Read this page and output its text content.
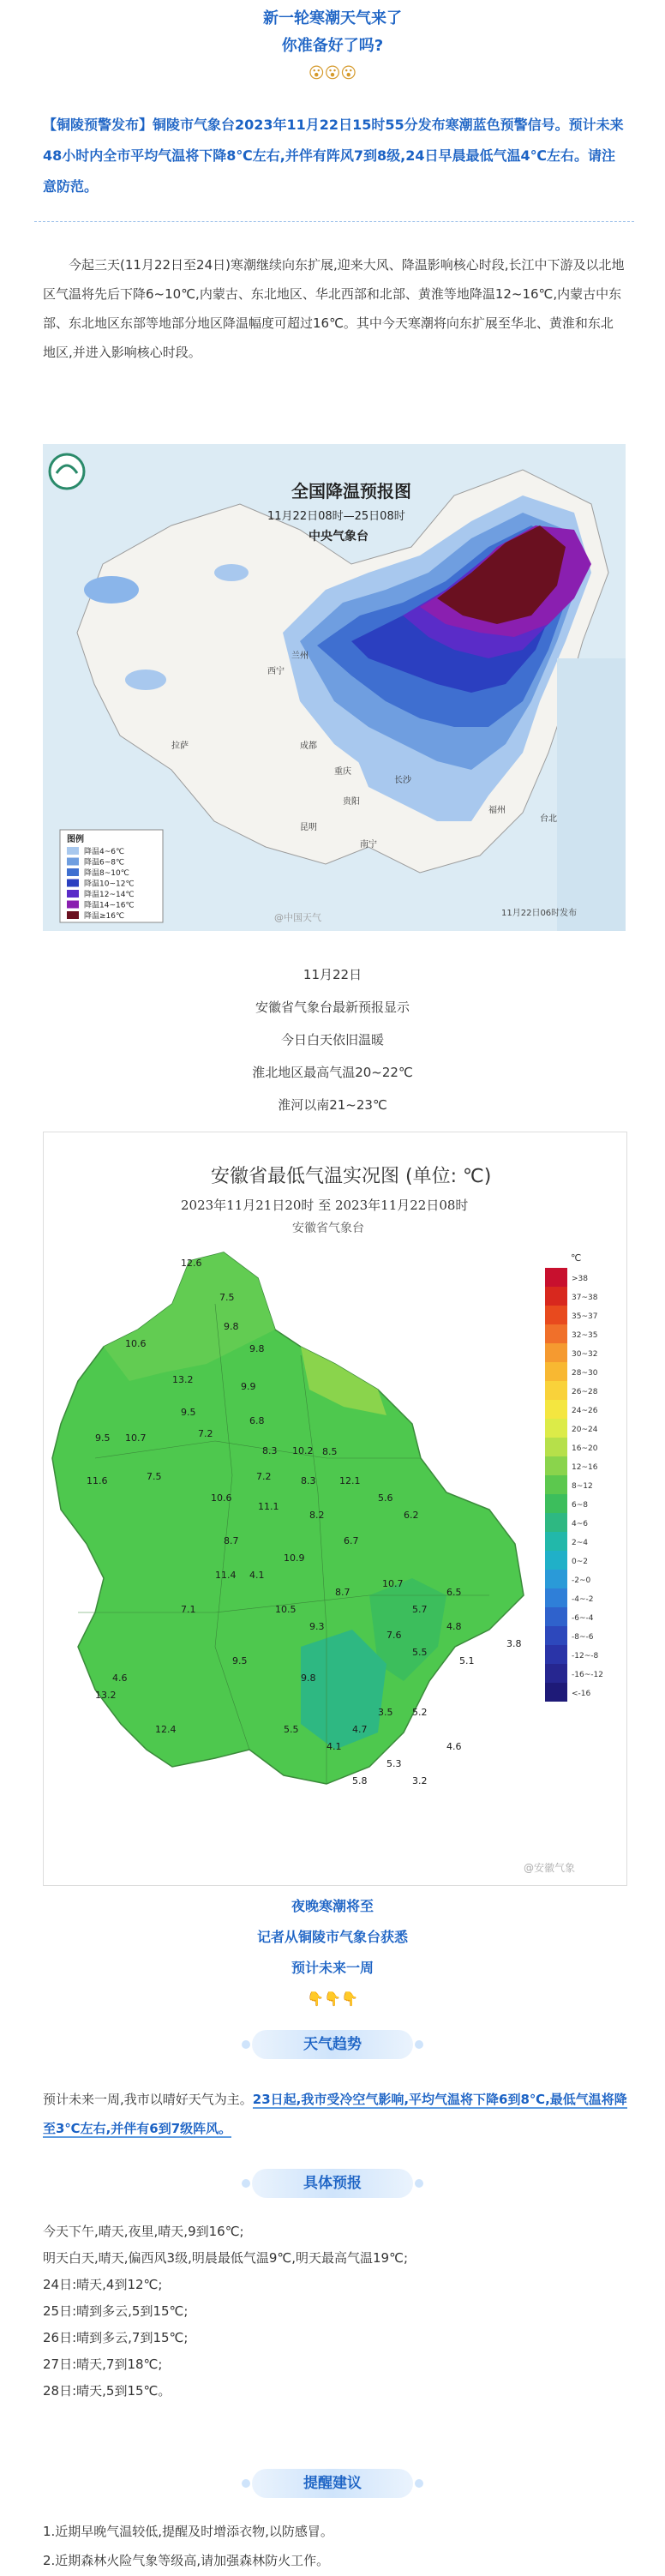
新一轮寒潮天气来了
你准备好了吗?
😮😮😮
【铜陵预警发布】铜陵市气象台2023年11月22日15时55分发布寒潮蓝色预警信号。预计未来48小时内全市平均气温将下降8℃左右,并伴有阵风7到8级,24日早晨最低气温4℃左右。请注意防范。
今起三天(11月22日至24日)寒潮继续向东扩展,迎来大风、降温影响核心时段,长江中下游及以北地区气温将先后下降6~10℃,内蒙古、东北地区、华北西部和北部、黄淮等地降温12~16℃,内蒙古中东部、东北地区东部等地部分地区降温幅度可超过16℃。其中今天寒潮将向东扩展至华北、黄淮和东北地区,并进入影响核心时段。
全国降温预报图
11月22日08时—25日08时
中央气象台
西宁
兰州
成都
重庆
贵阳
昆明
南宁
长沙
福州
台北
拉萨
图例
降温4~6℃
降温6~8℃
降温8~10℃
降温10~12℃
降温12~14℃
降温14~16℃
降温≥16℃	11月22日06时发布
@中国天气
11月22日
安徽省气象台最新预报显示
今日白天依旧温暖
淮北地区最高气温20~22℃
淮河以南21~23℃
安徽省最低气温实况图 (单位: ℃)
2023年11月21日20时 至 2023年11月22日08时
安徽省气象台
12.6
7.5
9.8
10.6	9.8
13.2
9.5
7.2
6.8
9.9
9.5 10.7
11.6	7.5
8.3 10.2 8.5
12.1
7.2	8.3
10.6
11.1
8.2
5.6
6.2
8.7	6.7
10.9
11.4 4.1
10.7
8.7
7.1	10.5
6.5
5.7
9.3	4.8
3.8
7.6
5.5
9.5	5.1
13.2
9.8
4.6
4.7
3.5 5.2
12.4	5.5
4.1	4.6
5.3
5.8	3.2
℃
>38
37~38
35~37
32~35
30~32
28~30
26~28
24~26
20~24
16~20
12~16
8~12
6~8
4~6
2~4
0~2
-2~0
-4~-2
-6~-4
-8~-6
-12~-8
-16~-12
<-16
@安徽气象
夜晚寒潮将至
记者从铜陵市气象台获悉
预计未来一周
👇👇👇
天气趋势
预计未来一周,我市以晴好天气为主。23日起,我市受冷空气影响,平均气温将下降6到8℃,最低气温将降至3℃左右,并伴有6到7级阵风。
具体预报
今天下午,晴天,夜里,晴天,9到16℃;
明天白天,晴天,偏西风3级,明晨最低气温9℃,明天最高气温19℃;
24日:晴天,4到12℃;
25日:晴到多云,5到15℃;
26日:晴到多云,7到15℃;
27日:晴天,7到18℃;
28日:晴天,5到15℃。
提醒建议
1.近期早晚气温较低,提醒及时增添衣物,以防感冒。
2.近期森林火险气象等级高,请加强森林防火工作。
